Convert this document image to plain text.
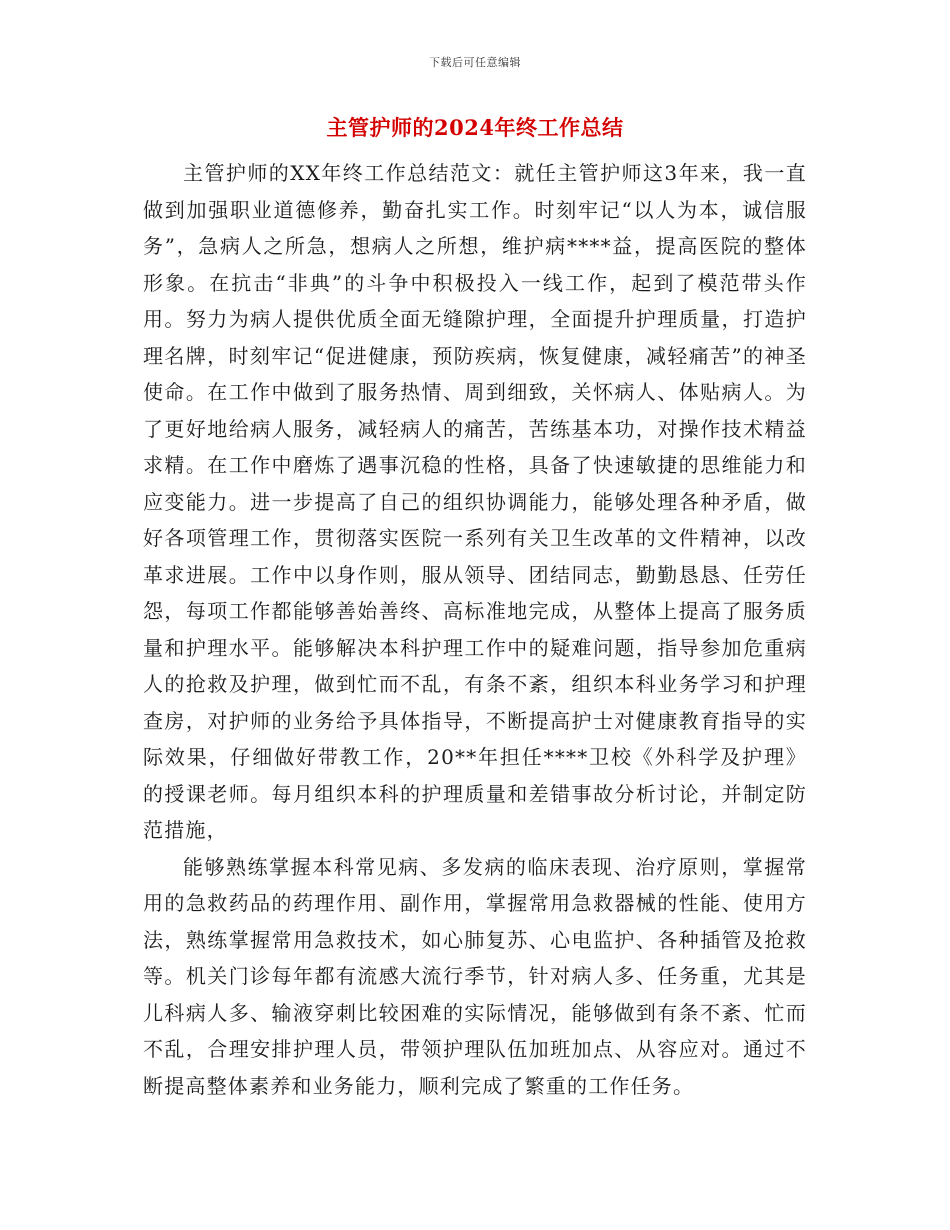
下载后可任意编辑
主管护师的2024年终工作总结

主管护师的XX年终工作总结范文：就任主管护师这3年来，我一直做到加强职业道德修养，勤奋扎实工作。时刻牢记“以人为本，诚信服务”，急病人之所急，想病人之所想，维护病****益，提高医院的整体形象。在抗击“非典”的斗争中积极投入一线工作，起到了模范带头作用。努力为病人提供优质全面无缝隙护理，全面提升护理质量，打造护理名牌，时刻牢记“促进健康，预防疾病，恢复健康，减轻痛苦”的神圣使命。在工作中做到了服务热情、周到细致，关怀病人、体贴病人。为了更好地给病人服务，减轻病人的痛苦，苦练基本功，对操作技术精益求精。在工作中磨炼了遇事沉稳的性格，具备了快速敏捷的思维能力和应变能力。进一步提高了自己的组织协调能力，能够处理各种矛盾，做好各项管理工作，贯彻落实医院一系列有关卫生改革的文件精神，以改革求进展。工作中以身作则，服从领导、团结同志，勤勤恳恳、任劳任怨，每项工作都能够善始善终、高标准地完成，从整体上提高了服务质量和护理水平。能够解决本科护理工作中的疑难问题，指导参加危重病人的抢救及护理，做到忙而不乱，有条不紊，组织本科业务学习和护理查房，对护师的业务给予具体指导，不断提高护士对健康教育指导的实际效果，仔细做好带教工作，20**年担任****卫校《外科学及护理》的授课老师。每月组织本科的护理质量和差错事故分析讨论，并制定防范措施，

能够熟练掌握本科常见病、多发病的临床表现、治疗原则，掌握常用的急救药品的药理作用、副作用，掌握常用急救器械的性能、使用方法，熟练掌握常用急救技术，如心肺复苏、心电监护、各种插管及抢救等。机关门诊每年都有流感大流行季节，针对病人多、任务重，尤其是儿科病人多、输液穿刺比较困难的实际情况，能够做到有条不紊、忙而不乱，合理安排护理人员，带领护理队伍加班加点、从容应对。通过不断提高整体素养和业务能力，顺利完成了繁重的工作任务。
